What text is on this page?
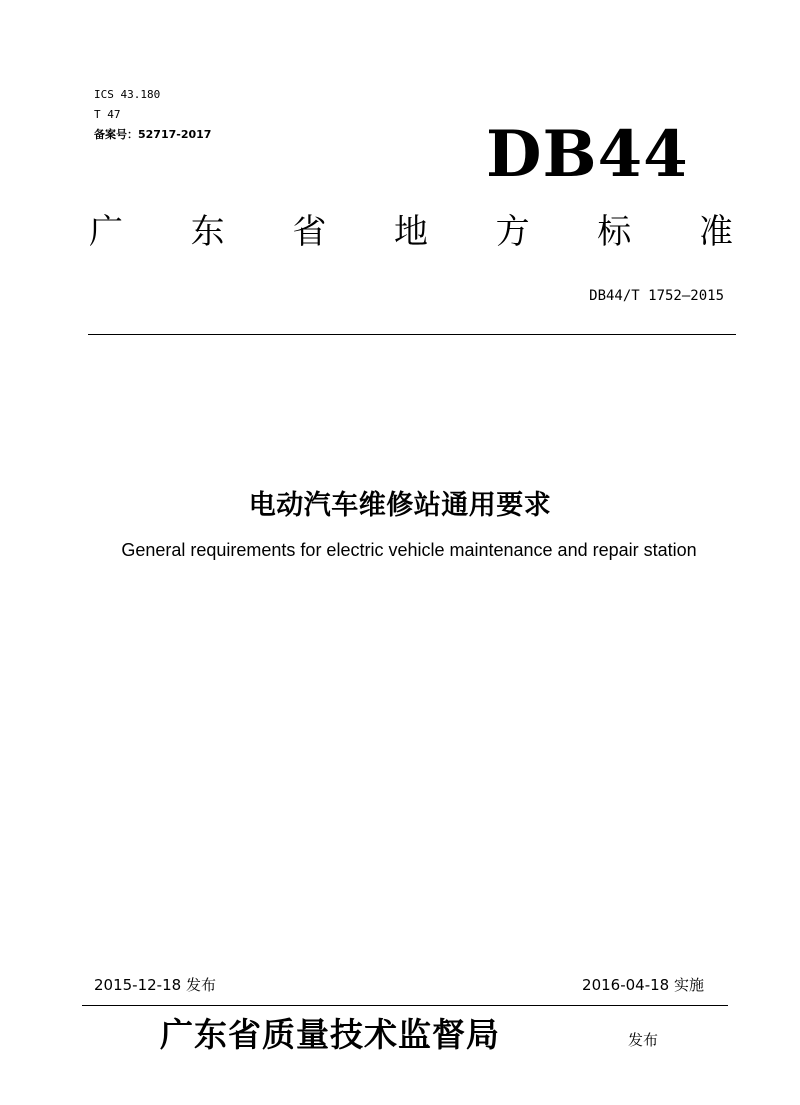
ICS 43.180
T 47
备案号：52717-2017	DB44
广 东 省 地 方 标 准
DB44/T 1752—2015
电动汽车维修站通用要求
General requirements for electric vehicle maintenance and repair station
2015-12-18 发布	2016-04-18 实施
广东省质量技术监督局	发布
